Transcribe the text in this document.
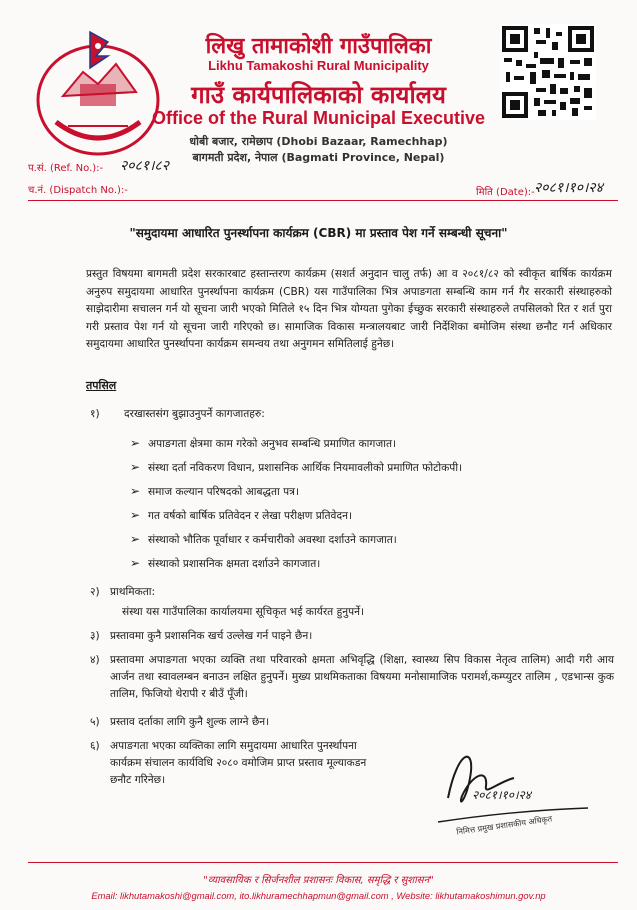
लिखु तामाकोशी गाउँपालिका
Likhu Tamakoshi Rural Municipality
गाउँ कार्यपालिकाको कार्यालय
Office of the Rural Municipal Executive
धोबी बजार, रामेछाप (Dhobi Bazaar, Ramechhap)
बागमती प्रदेश, नेपाल (Bagmati Province, Nepal)
प.सं. (Ref. No.):- २०८१।८२
च.नं. (Dispatch No.):-	मिति (Date):- २०८१।१०।२४
"समुदायमा आधारित पुनर्स्थापना कार्यक्रम (CBR) मा प्रस्ताव पेश गर्ने सम्बन्धी सूचना"
प्रस्तुत विषयमा बागमती प्रदेश सरकारबाट हस्तान्तरण कार्यक्रम (सशर्त अनुदान चालु तर्फ) आ व २०८१/८२ को स्वीकृत बार्षिक कार्यक्रम अनुरुप समुदायमा आधारित पुनर्स्थापना कार्यक्रम (CBR) यस गाउँपालिका भित्र अपाङगता सम्बन्धि काम गर्न गैर सरकारी संस्थाहरुको साझेदारीमा सचालन गर्न यो सूचना जारी भएको मितिले १५ दिन भित्र योग्यता पुगेका ईच्छुक सरकारी संस्थाहरुले तपसिलको रित र शर्त पुरा गरी प्रस्ताव पेश गर्न यो सूचना जारी गरिएको छ। सामाजिक विकास मन्त्रालयबाट जारी निर्देशिका बमोजिम संस्था छनौट गर्न अधिकार समुदायमा आधारित पुनर्स्थापना कार्यक्रम समन्वय तथा अनुगमन समितिलाई हुनेछ।
तपसिल
१) दरखास्तसंग बुझाउनुपर्ने कागजातहरु:
➢ अपाङगता क्षेत्रमा काम गरेको अनुभव सम्बन्धि प्रमाणित कागजात।
➢ संस्था दर्ता नविकरण विधान, प्रशासनिक आर्थिक नियमावलीको प्रमाणित फोटोकपी।
➢ समाज कल्यान परिषदको आबद्धता पत्र।
➢ गत वर्षको बार्षिक प्रतिवेदन र लेखा परीक्षण प्रतिवेदन।
➢ संस्थाको भौतिक पूर्वाधार र कर्मचारीको अवस्था दर्शाउने कागजात।
➢ संस्थाको प्रशासनिक क्षमता दर्शाउने कागजात।
२) प्राथमिकता:
संस्था यस गाउँपालिका कार्यालयमा सूचिकृत भई कार्यरत हुनुपर्ने।
३) प्रस्तावमा कुनै प्रशासनिक खर्च उल्लेख गर्न पाइने छैन।
४) प्रस्तावमा अपाङगता भएका व्यक्ति तथा परिवारको क्षमता अभिवृद्धि (शिक्षा, स्वास्थ्य सिप विकास नेतृत्व तालिम) आदी गरी आय आर्जन तथा स्वावलम्बन बनाउन लक्षित हुनुपर्ने। मुख्य प्राथमिकताका विषयमा मनोसामाजिक परामर्श,कम्प्युटर तालिम , एडभान्स कुक तालिम, फिजियो थेरापी र बीउँ पूँजी।
५) प्रस्ताव दर्ताका लागि कुनै शुल्क लाग्ने छैन।
६) अपाङगता भएका व्यक्तिका लागि समुदायमा आधारित पुनर्स्थापना कार्यक्रम संचालन कार्यविधि २०८० वमोजिम प्राप्त प्रस्ताव मूल्याकडन छनौट गरिनेछ।
२०८१।१०।२४
निमित्त प्रमुख प्रशासकीय अधिकृत
"व्यावसायिक र सिर्जनशील प्रशासनः विकास, समृद्धि र सुशासन"
Email: likhutamakoshi@gmail.com, ito.likhuramechhapmun@gmail.com , Website: likhutamakoshimun.gov.np
